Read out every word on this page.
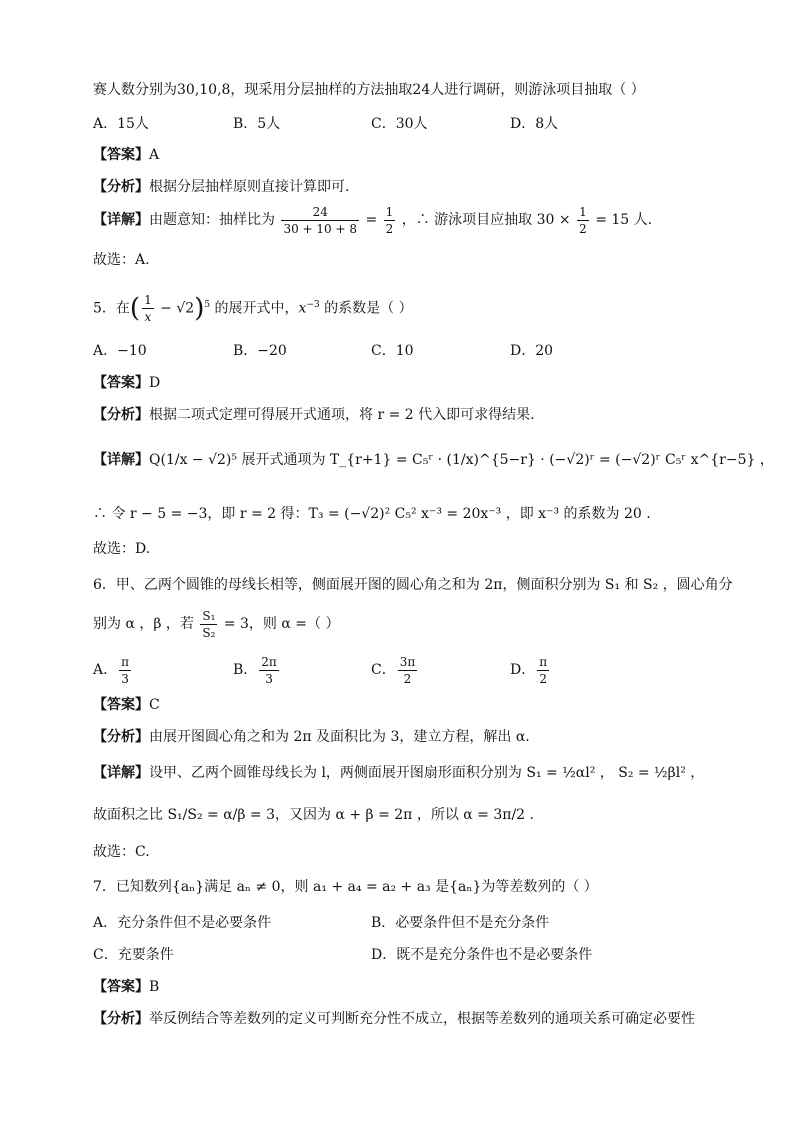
赛人数分别为30,10,8，现采用分层抽样的方法抽取24人进行调研，则游泳项目抽取（ ）
A．15人	B．5人	C．30人	D．8人
【答案】A
【分析】根据分层抽样原则直接计算即可.
【详解】由题意知：抽样比为 $\frac{24}{30 + 10 + 8} = \frac{1}{2}$ ，∴ 游泳项目应抽取 $30 \times \frac{1}{2} = 15$ 人.
故选：A.
5．在( $\frac{1}{x} - √2)^5$ 的展开式中，$x^{-3}$ 的系数是（ ）
A．−10	B．−20	C．10	D．20
【答案】D
【分析】根据二项式定理可得展开式通项，将 r = 2 代入即可求得结果.
【详解】Q(1/x − √2)⁵ 展开式通项为 T_{r+1} = C₅ʳ · (1/x)^{5−r} · (−√2)ʳ = (−√2)ʳ C₅ʳ x^{r−5} ，
∴ 令 r − 5 = −3，即 r = 2 得：T₃ = (−√2)² C₅² x⁻³ = 20x⁻³ ，即 x⁻³ 的系数为 20 .
故选：D.
6．甲、乙两个圆锥的母线长相等，侧面展开图的圆心角之和为 2π，侧面积分别为 S₁ 和 S₂ ，圆心角分
别为 α ，β ，若 $\frac{\text{S₁}}{\text{S₂}} = 3$，则 α =（ ）
A． $\frac{\pi}{3}$	B． $\frac{2\pi}{3}$	C． $\frac{3\pi}{2}$	D． $\frac{\pi}{2}$
【答案】C
【分析】由展开图圆心角之和为 2π 及面积比为 3，建立方程，解出 α.
【详解】设甲、乙两个圆锥母线长为 l，两侧面展开图扇形面积分别为 S₁ = ½αl² ， S₂ = ½βl² ，
故面积之比 S₁/S₂ = α/β = 3，又因为 α + β = 2π ，所以 α = 3π/2 .
故选：C.
7．已知数列{aₙ}满足 aₙ ≠ 0，则 a₁ + a₄ = a₂ + a₃ 是{aₙ}为等差数列的（ ）
A．充分条件但不是必要条件	B．必要条件但不是充分条件
C．充要条件	D．既不是充分条件也不是必要条件
【答案】B
【分析】举反例结合等差数列的定义可判断充分性不成立，根据等差数列的通项关系可确定必要性
